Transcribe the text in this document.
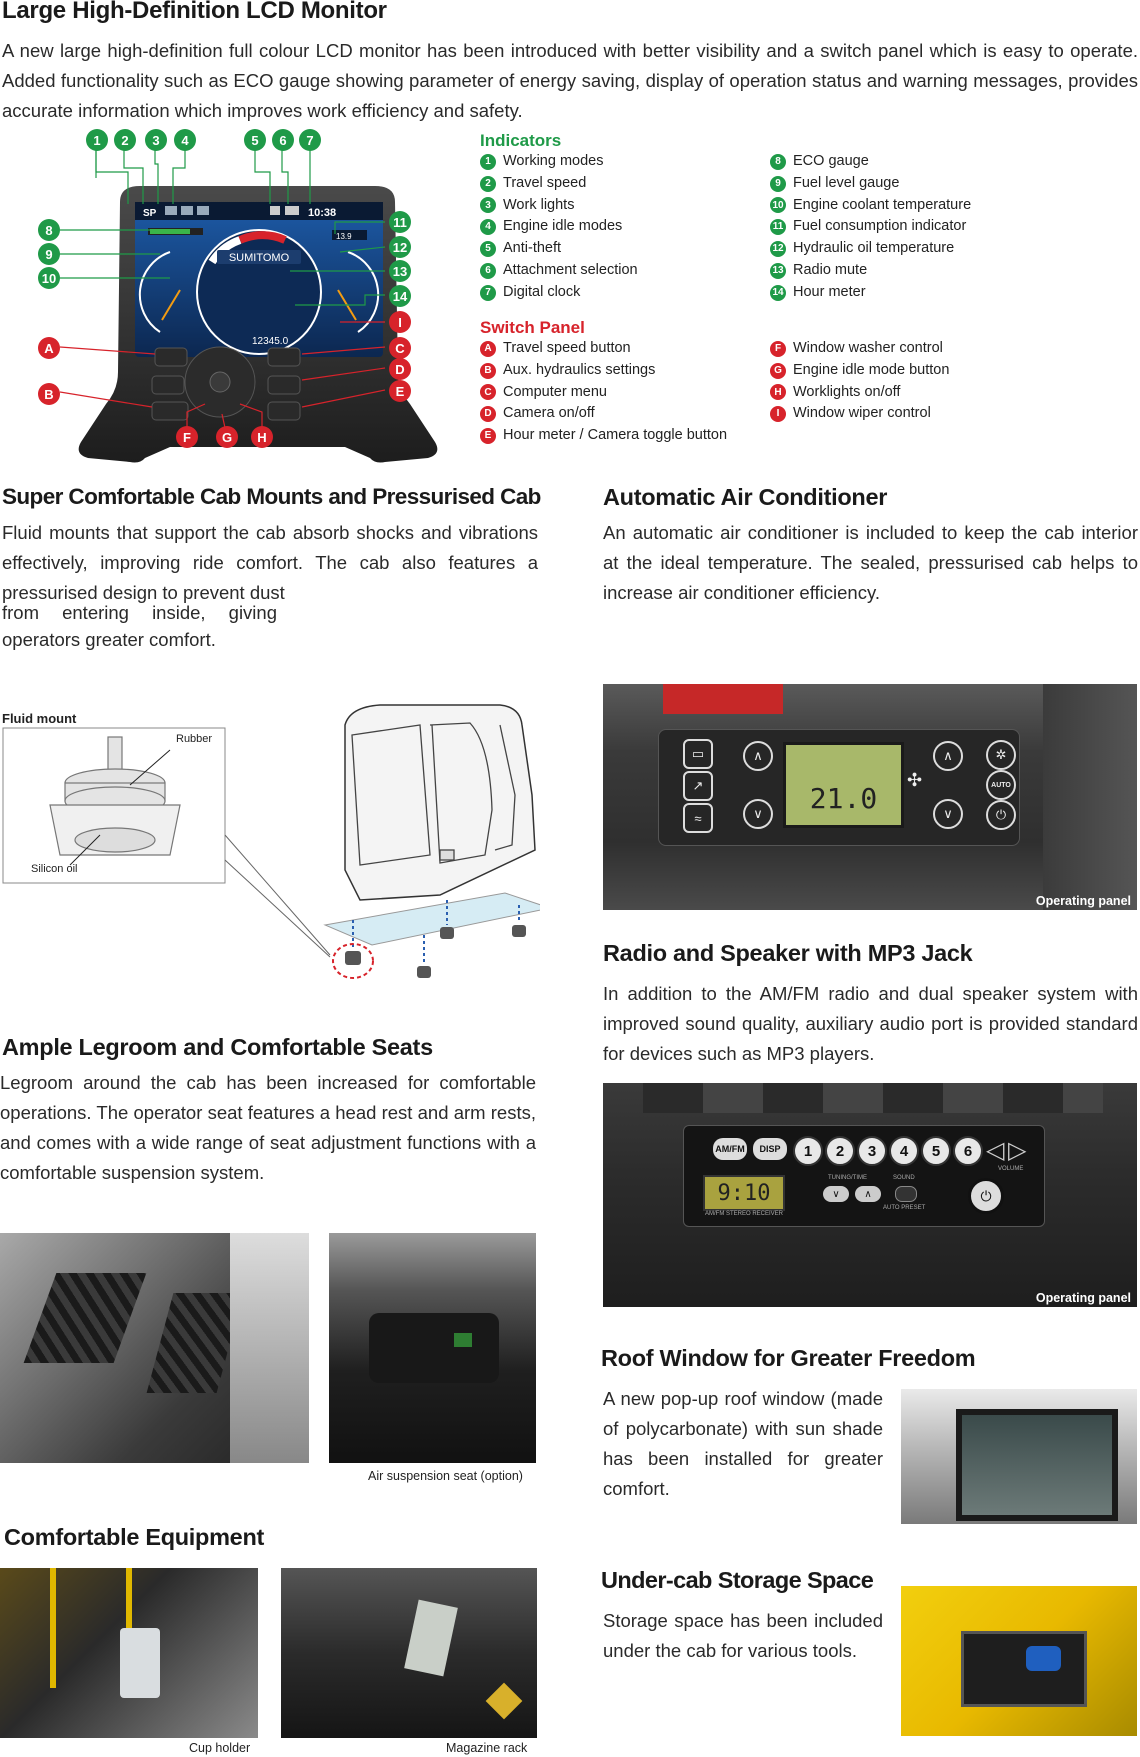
Large High-Definition LCD Monitor
A new large high-definition full colour LCD monitor has been introduced with better visibility and a switch panel which is easy to operate. Added functionality such as ECO gauge showing parameter of energy saving, display of operation status and warning messages, provides accurate information which improves work efficiency and safety.
SP	10:38
SUMITOMO
13.9
12345.0
1	2	3	4	5	6	7
8
9
10
11
12
13
14
I
A	C
D
B	E
F	G	H
Indicators
1 Working modes
2 Travel speed
3 Work lights
4 Engine idle modes
5 Anti-theft
6 Attachment selection
7 Digital clock
8 ECO gauge
9 Fuel level gauge
10 Engine coolant temperature
11 Fuel consumption indicator
12 Hydraulic oil temperature
13 Radio mute
14 Hour meter
Switch Panel
A Travel speed button
B Aux. hydraulics settings
C Computer menu
D Camera on/off
E Hour meter / Camera toggle button
F Window washer control
G Engine idle mode button
H Worklights on/off
I Window wiper control
Super Comfortable Cab Mounts and Pressurised Cab
Fluid mounts that support the cab absorb shocks and vibrations effectively, improving ride comfort. The cab also features a pressurised design to prevent dust
from entering inside, giving
operators greater comfort.
Fluid mount
Rubber
Silicon oil
Automatic Air Conditioner
An automatic air conditioner is included to keep the cab interior at the ideal temperature. The sealed, pressurised cab helps to increase air conditioner efficiency.
▭
↗
≈
∧
∨	21.0
∧
∨
✣
✲
AUTO
⏻
Operating panel
Radio and Speaker with MP3 Jack
In addition to the AM/FM radio and dual speaker system with improved sound quality, auxiliary audio port is provided standard for devices such as MP3 players.
AM/FM	DISP	1	2	3	4	5	6 ◁ ▷
VOLUME
9:10
AM/FM STEREO RECEIVER
TUNING/TIME
∨	∧
SOUND
AUTO PRESET
⏻
Operating panel
Ample Legroom and Comfortable Seats
Legroom around the cab has been increased for comfortable operations. The operator seat features a head rest and arm rests, and comes with a wide range of seat adjustment functions with a comfortable suspension system.
Air suspension seat (option)
Roof Window for Greater Freedom
A new pop-up roof window (made of polycarbonate) with sun shade has been installed for greater comfort.
Comfortable Equipment
Cup holder	Magazine rack
Under-cab Storage Space
Storage space has been included under the cab for various tools.
